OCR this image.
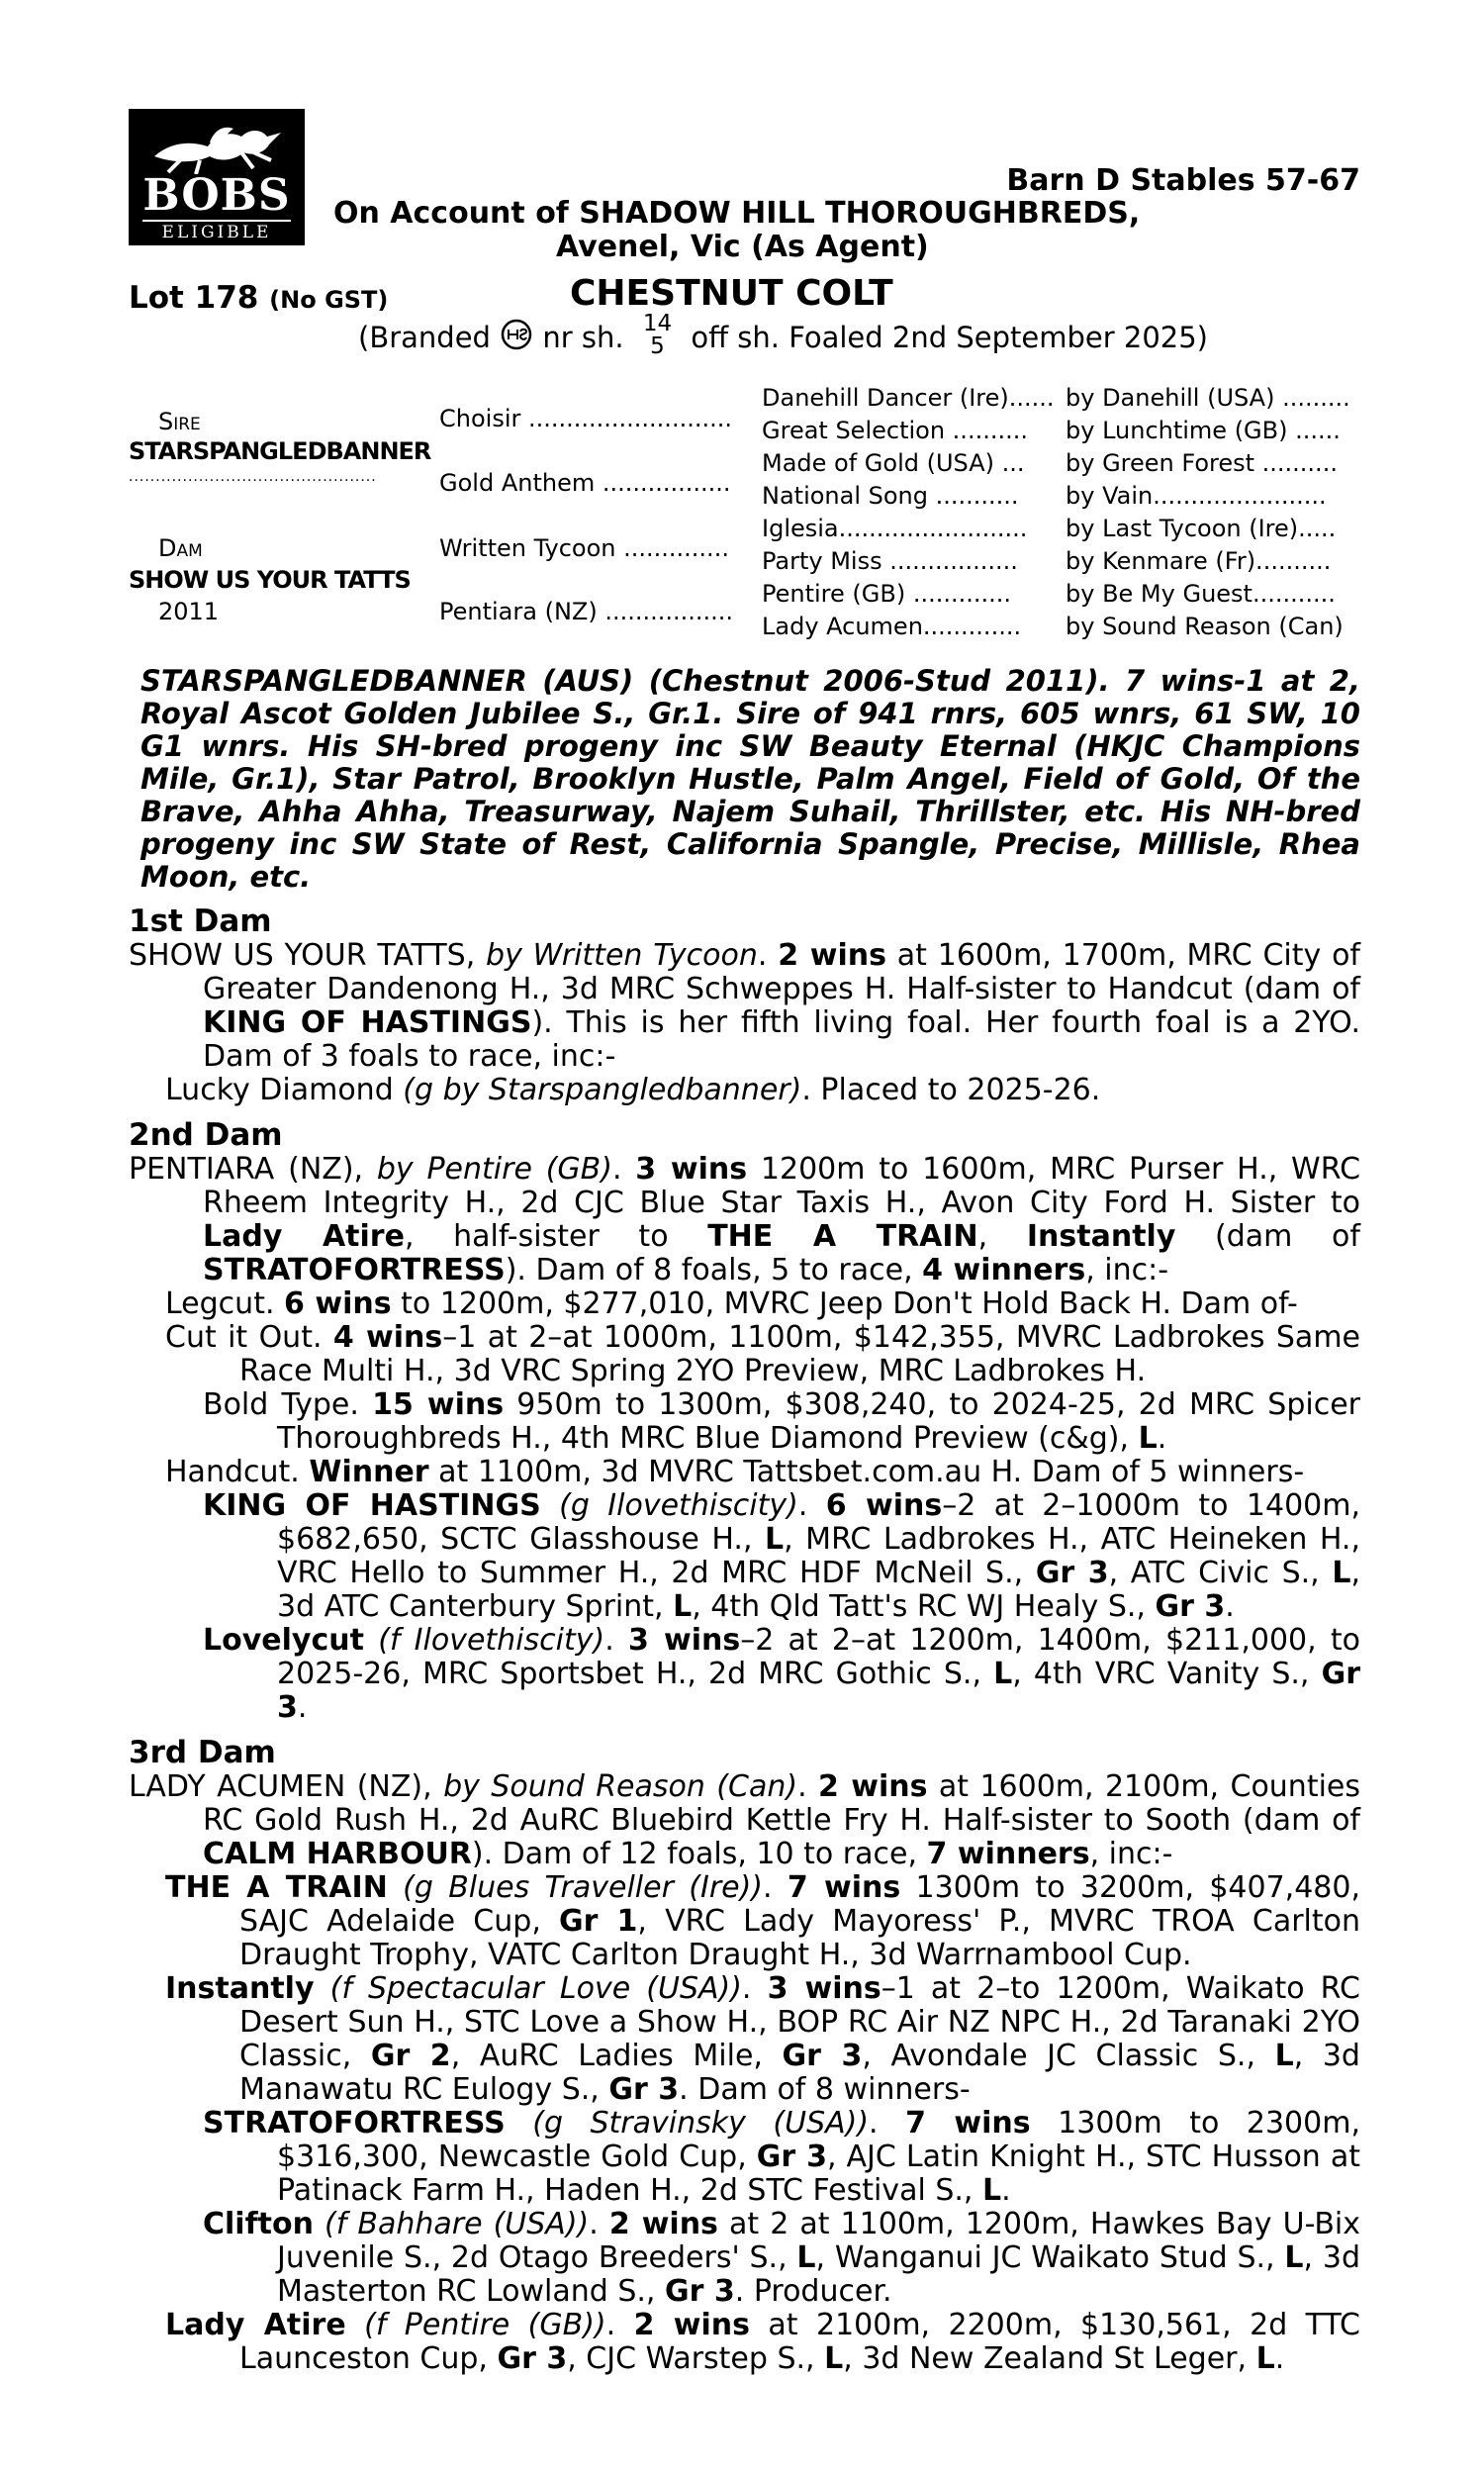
BOBS
ELIGIBLE
Barn D Stables 57-67
On Account of SHADOW HILL THOROUGHBREDS,
Avenel, Vic (As Agent)
Lot 178 (No GST)	CHESTNUT COLT
(Branded nr sh. 14
5 off sh. Foaled 2nd September 2025)
Sire
STARSPANGLEDBANNER
..............................................
Dam
SHOW US YOUR TATTS
2011
Choisir ...........................
Gold Anthem .................
Written Tycoon ..............
Pentiara (NZ) .................
Danehill Dancer (Ire)...... by Danehill (USA) .........
Great Selection .......... by Lunchtime (GB) ......
Made of Gold (USA) ... by Green Forest ..........
National Song ........... by Vain.......................
Iglesia......................... by Last Tycoon (Ire).....
Party Miss ................. by Kenmare (Fr)..........
Pentire (GB) ............. by Be My Guest...........
Lady Acumen............. by Sound Reason (Can)
STARSPANGLEDBANNER (AUS) (Chestnut 2006-Stud 2011). 7 wins-1 at 2, Royal Ascot Golden Jubilee S., Gr.1. Sire of 941 rnrs, 605 wnrs, 61 SW, 10 G1 wnrs. His SH-bred progeny inc SW Beauty Eternal (HKJC Champions Mile, Gr.1), Star Patrol, Brooklyn Hustle, Palm Angel, Field of Gold, Of the Brave, Ahha Ahha, Treasurway, Najem Suhail, Thrillster, etc. His NH-bred progeny inc SW State of Rest, California Spangle, Precise, Millisle, Rhea Moon, etc.
1st Dam
SHOW US YOUR TATTS, by Written Tycoon. 2 wins at 1600m, 1700m, MRC City of Greater Dandenong H., 3d MRC Schweppes H. Half-sister to Handcut (dam of KING OF HASTINGS). This is her fifth living foal. Her fourth foal is a 2YO. Dam of 3 foals to race, inc:-
Lucky Diamond (g by Starspangledbanner). Placed to 2025-26.
2nd Dam
PENTIARA (NZ), by Pentire (GB). 3 wins 1200m to 1600m, MRC Purser H., WRC Rheem Integrity H., 2d CJC Blue Star Taxis H., Avon City Ford H. Sister to Lady Atire, half-sister to THE A TRAIN, Instantly (dam of STRATOFORTRESS). Dam of 8 foals, 5 to race, 4 winners, inc:-
Legcut. 6 wins to 1200m, $277,010, MVRC Jeep Don't Hold Back H. Dam of-
Cut it Out. 4 wins–1 at 2–at 1000m, 1100m, $142,355, MVRC Ladbrokes Same Race Multi H., 3d VRC Spring 2YO Preview, MRC Ladbrokes H.
Bold Type. 15 wins 950m to 1300m, $308,240, to 2024-25, 2d MRC Spicer Thoroughbreds H., 4th MRC Blue Diamond Preview (c&g), L.
Handcut. Winner at 1100m, 3d MVRC Tattsbet.com.au H. Dam of 5 winners-
KING OF HASTINGS (g Ilovethiscity). 6 wins–2 at 2–1000m to 1400m, $682,650, SCTC Glasshouse H., L, MRC Ladbrokes H., ATC Heineken H., VRC Hello to Summer H., 2d MRC HDF McNeil S., Gr 3, ATC Civic S., L, 3d ATC Canterbury Sprint, L, 4th Qld Tatt's RC WJ Healy S., Gr 3.
Lovelycut (f Ilovethiscity). 3 wins–2 at 2–at 1200m, 1400m, $211,000, to 2025-26, MRC Sportsbet H., 2d MRC Gothic S., L, 4th VRC Vanity S., Gr 3.
3rd Dam
LADY ACUMEN (NZ), by Sound Reason (Can). 2 wins at 1600m, 2100m, Counties RC Gold Rush H., 2d AuRC Bluebird Kettle Fry H. Half-sister to Sooth (dam of CALM HARBOUR). Dam of 12 foals, 10 to race, 7 winners, inc:-
THE A TRAIN (g Blues Traveller (Ire)). 7 wins 1300m to 3200m, $407,480, SAJC Adelaide Cup, Gr 1, VRC Lady Mayoress' P., MVRC TROA Carlton Draught Trophy, VATC Carlton Draught H., 3d Warrnambool Cup.
Instantly (f Spectacular Love (USA)). 3 wins–1 at 2–to 1200m, Waikato RC Desert Sun H., STC Love a Show H., BOP RC Air NZ NPC H., 2d Taranaki 2YO Classic, Gr 2, AuRC Ladies Mile, Gr 3, Avondale JC Classic S., L, 3d Manawatu RC Eulogy S., Gr 3. Dam of 8 winners-
STRATOFORTRESS (g Stravinsky (USA)). 7 wins 1300m to 2300m, $316,300, Newcastle Gold Cup, Gr 3, AJC Latin Knight H., STC Husson at Patinack Farm H., Haden H., 2d STC Festival S., L.
Clifton (f Bahhare (USA)). 2 wins at 2 at 1100m, 1200m, Hawkes Bay U-Bix Juvenile S., 2d Otago Breeders' S., L, Wanganui JC Waikato Stud S., L, 3d Masterton RC Lowland S., Gr 3. Producer.
Lady Atire (f Pentire (GB)). 2 wins at 2100m, 2200m, $130,561, 2d TTC Launceston Cup, Gr 3, CJC Warstep S., L, 3d New Zealand St Leger, L.
